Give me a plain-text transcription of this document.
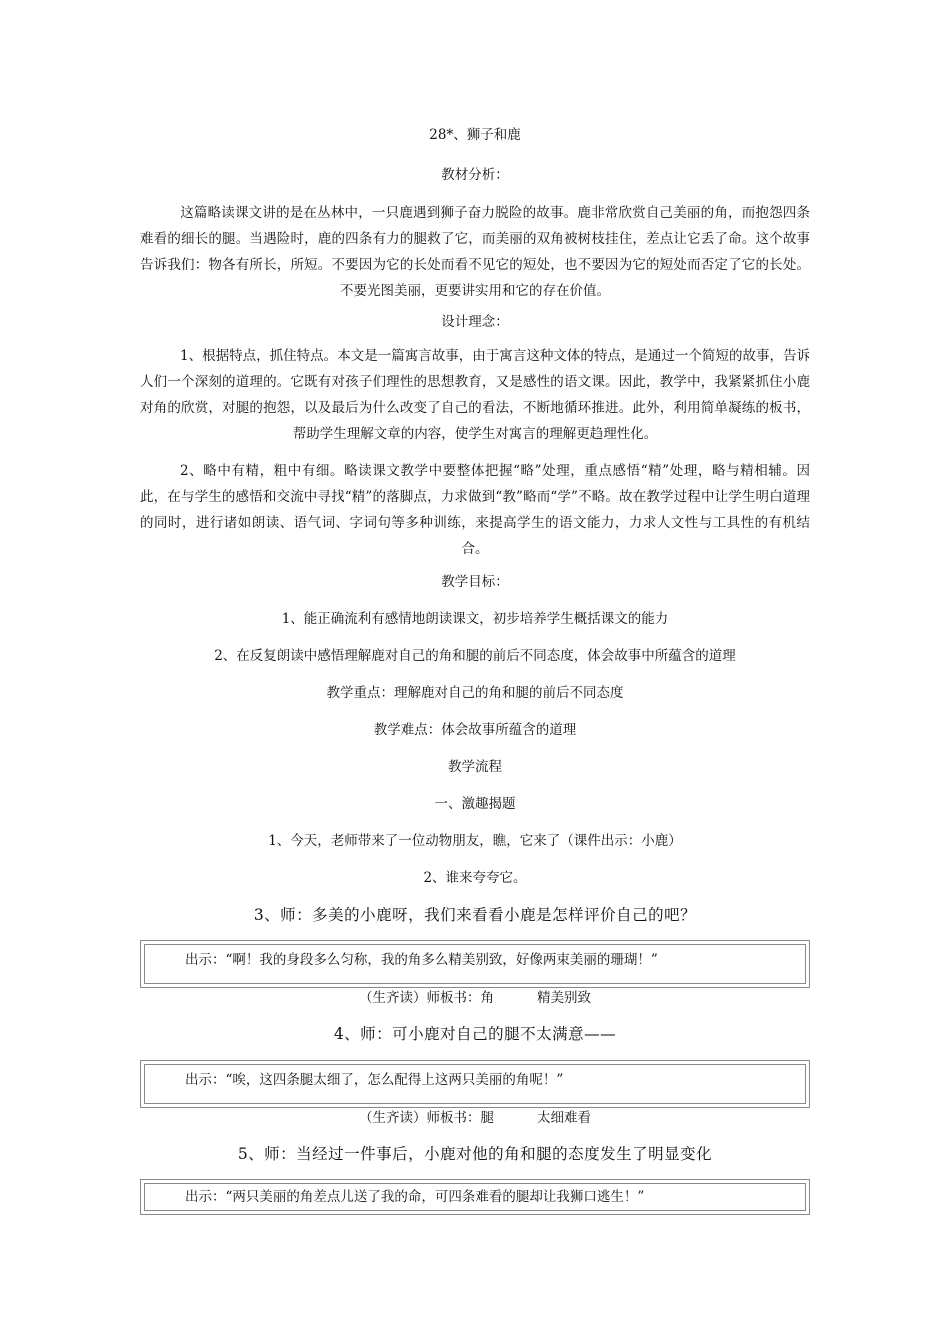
28*、狮子和鹿
教材分析：
这篇略读课文讲的是在丛林中，一只鹿遇到狮子奋力脱险的故事。鹿非常欣赏自己美丽的角，而抱怨四条难看的细长的腿。当遇险时，鹿的四条有力的腿救了它，而美丽的双角被树枝挂住，差点让它丢了命。这个故事告诉我们：物各有所长，所短。不要因为它的长处而看不见它的短处，也不要因为它的短处而否定了它的长处。不要光图美丽，更要讲实用和它的存在价值。
设计理念：
1、根据特点，抓住特点。本文是一篇寓言故事，由于寓言这种文体的特点，是通过一个简短的故事，告诉人们一个深刻的道理的。它既有对孩子们理性的思想教育，又是感性的语文课。因此，教学中，我紧紧抓住小鹿对角的欣赏，对腿的抱怨，以及最后为什么改变了自己的看法，不断地循环推进。此外，利用简单凝练的板书，帮助学生理解文章的内容，使学生对寓言的理解更趋理性化。
2、略中有精，粗中有细。略读课文教学中要整体把握“略”处理，重点感悟“精”处理，略与精相辅。因此，在与学生的感悟和交流中寻找“精”的落脚点，力求做到“教”略而“学”不略。故在教学过程中让学生明白道理的同时，进行诸如朗读、语气词、字词句等多种训练，来提高学生的语文能力，力求人文性与工具性的有机结合。
教学目标：
1、能正确流利有感情地朗读课文，初步培养学生概括课文的能力
2、在反复朗读中感悟理解鹿对自己的角和腿的前后不同态度，体会故事中所蕴含的道理
教学重点：理解鹿对自己的角和腿的前后不同态度
教学难点：体会故事所蕴含的道理
教学流程
一、激趣揭题
1、今天，老师带来了一位动物朋友，瞧，它来了（课件出示：小鹿）
2、谁来夸夸它。
3、师：多美的小鹿呀，我们来看看小鹿是怎样评价自己的吧？
出示：“啊！我的身段多么匀称，我的角多么精美别致，好像两束美丽的珊瑚！”
（生齐读）师板书：角          精美别致
4、师：可小鹿对自己的腿不太满意——
出示：“唉，这四条腿太细了，怎么配得上这两只美丽的角呢！”
（生齐读）师板书：腿          太细难看
5、师：当经过一件事后，小鹿对他的角和腿的态度发生了明显变化
出示：“两只美丽的角差点儿送了我的命，可四条难看的腿却让我狮口逃生！”
